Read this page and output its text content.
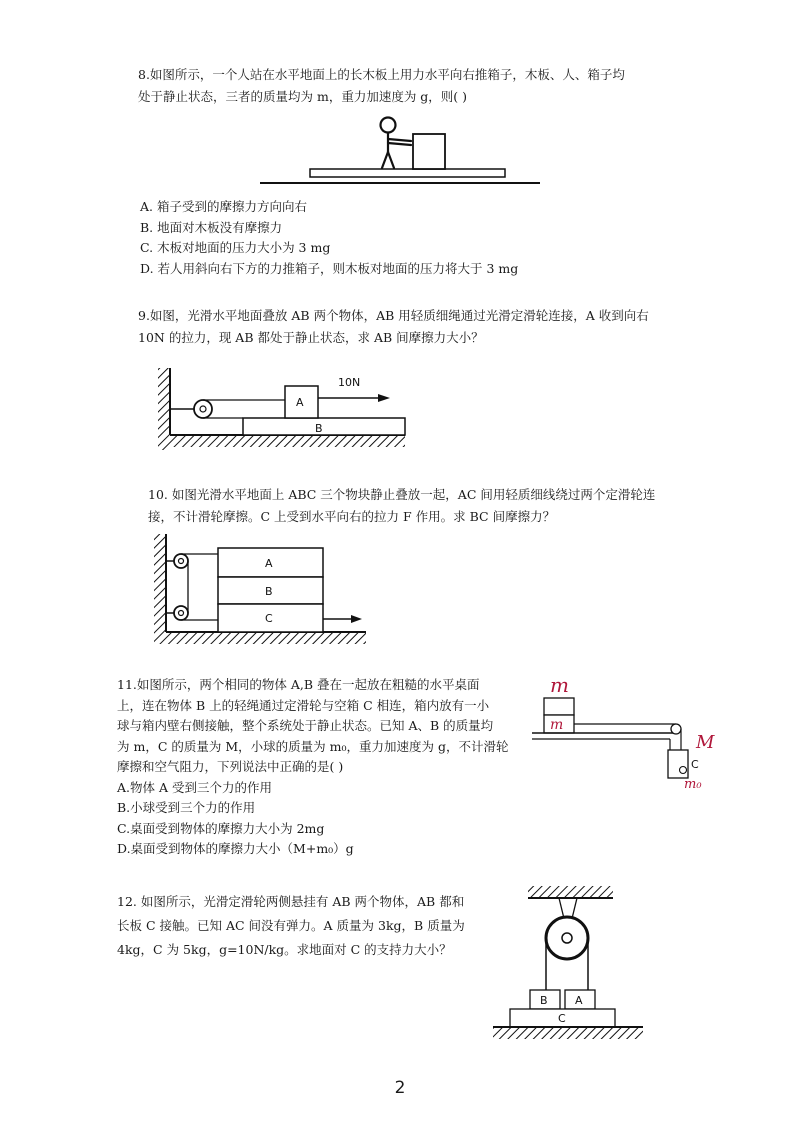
8.如图所示，一个人站在水平地面上的长木板上用力水平向右推箱子，木板、人、箱子均

处于静止状态，三者的质量均为 m，重力加速度为 g，则( )

A. 箱子受到的摩擦力方向向右

B. 地面对木板没有摩擦力

C. 木板对地面的压力大小为 3 mg

D. 若人用斜向右下方的力推箱子，则木板对地面的压力将大于 3 mg

9.如图，光滑水平地面叠放 AB 两个物体，AB 用轻质细绳通过光滑定滑轮连接，A 收到向右

10N 的拉力，现 AB 都处于静止状态，求 AB 间摩擦力大小？

A
B
10N

10. 如图光滑水平地面上 ABC 三个物块静止叠放一起，AC 间用轻质细线绕过两个定滑轮连

接，不计滑轮摩擦。C 上受到水平向右的拉力 F 作用。求 BC 间摩擦力？

A
B
C

11.如图所示，两个相同的物体 A,B 叠在一起放在粗糙的水平桌面

上，连在物体 B 上的轻绳通过定滑轮与空箱 C 相连，箱内放有一小

球与箱内壁右侧接触，整个系统处于静止状态。已知 A、B 的质量均

为 m，C 的质量为 M，小球的质量为 m₀，重力加速度为 g，不计滑轮

摩擦和空气阻力，下列说法中正确的是( )

A.物体 A 受到三个力的作用

B.小球受到三个力的作用

C.桌面受到物体的摩擦力大小为 2mg

D.桌面受到物体的摩擦力大小（M+m₀）g

m
m
C
M
m₀

12. 如图所示，光滑定滑轮两侧悬挂有 AB 两个物体，AB 都和

长板 C 接触。已知 AC 间没有弹力。A 质量为 3kg，B 质量为

4kg，C 为 5kg，g=10N/kg。求地面对 C 的支持力大小？

B A
C
2
